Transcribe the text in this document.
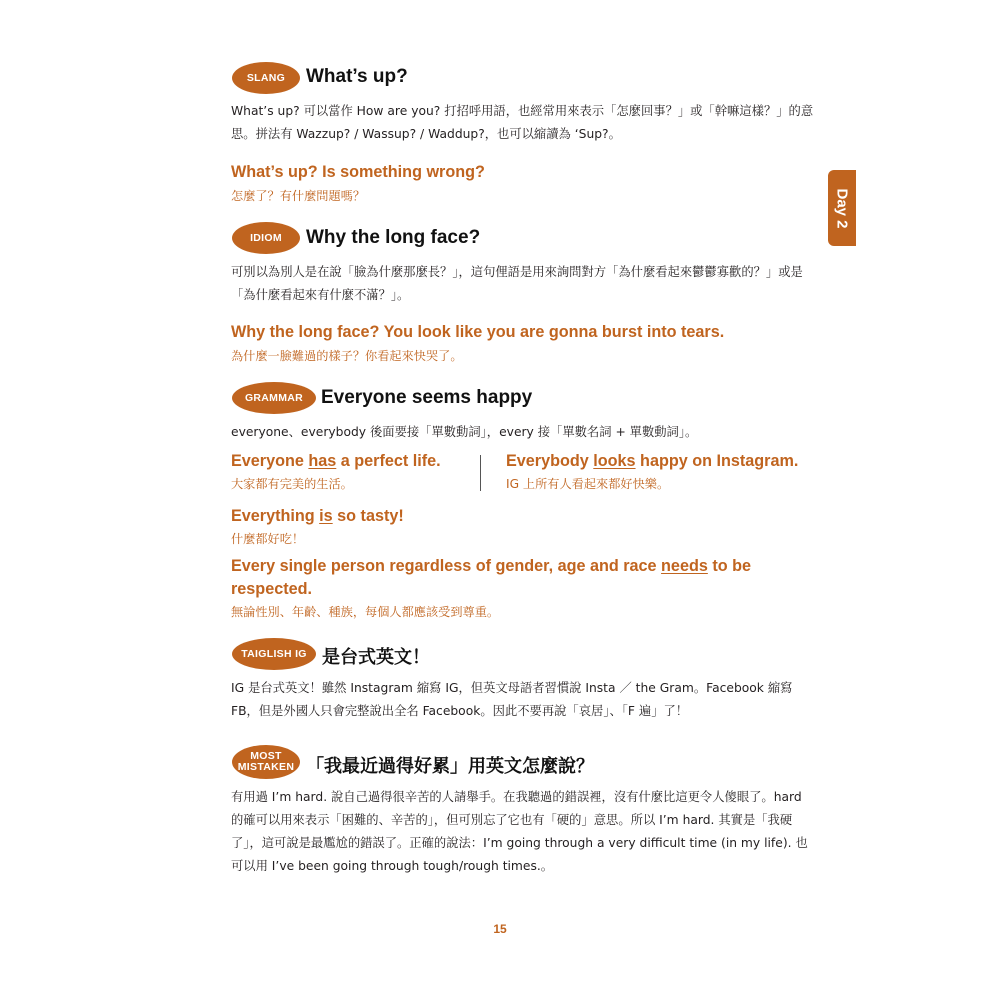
Day 2
SLANG What’s up?
What’s up? 可以當作 How are you? 打招呼用語，也經常用來表示「怎麼回事？」或「幹嘛這樣？」的意思。拼法有 Wazzup? / Wassup? / Waddup?，也可以縮讀為 ‘Sup?。
What’s up? Is something wrong?
怎麼了？有什麼問題嗎？
IDIOM Why the long face?
可別以為別人是在說「臉為什麼那麼長？」，這句俚語是用來詢問對方「為什麼看起來鬱鬱寡歡的？」或是「為什麼看起來有什麼不滿？」。
Why the long face? You look like you are gonna burst into tears.
為什麼一臉難過的樣子？你看起來快哭了。
GRAMMAR Everyone seems happy
everyone、everybody 後面要接「單數動詞」，every 接「單數名詞 + 單數動詞」。
Everyone has a perfect life.
大家都有完美的生活。
Everybody looks happy on Instagram.
IG 上所有人看起來都好快樂。
Everything is so tasty!
什麼都好吃！
Every single person regardless of gender, age and race needs to be
respected.
無論性別、年齡、種族，每個人都應該受到尊重。
TAIGLISH IG 是台式英文！
IG 是台式英文！雖然 Instagram 縮寫 IG，但英文母語者習慣說 Insta ／ the Gram。Facebook 縮寫 FB，但是外國人只會完整說出全名 Facebook。因此不要再說「哀居」、「F 遍」了！
MOST
MISTAKEN 「我最近過得好累」用英文怎麼說？
有用過 I’m hard. 說自己過得很辛苦的人請舉手。在我聽過的錯誤裡，沒有什麼比這更令人傻眼了。hard 的確可以用來表示「困難的、辛苦的」，但可別忘了它也有「硬的」意思。所以 I’m hard. 其實是「我硬了」，這可說是最尷尬的錯誤了。正確的說法：I’m going through a very difficult time (in my life). 也可以用 I’ve been going through tough/rough times.。
15
